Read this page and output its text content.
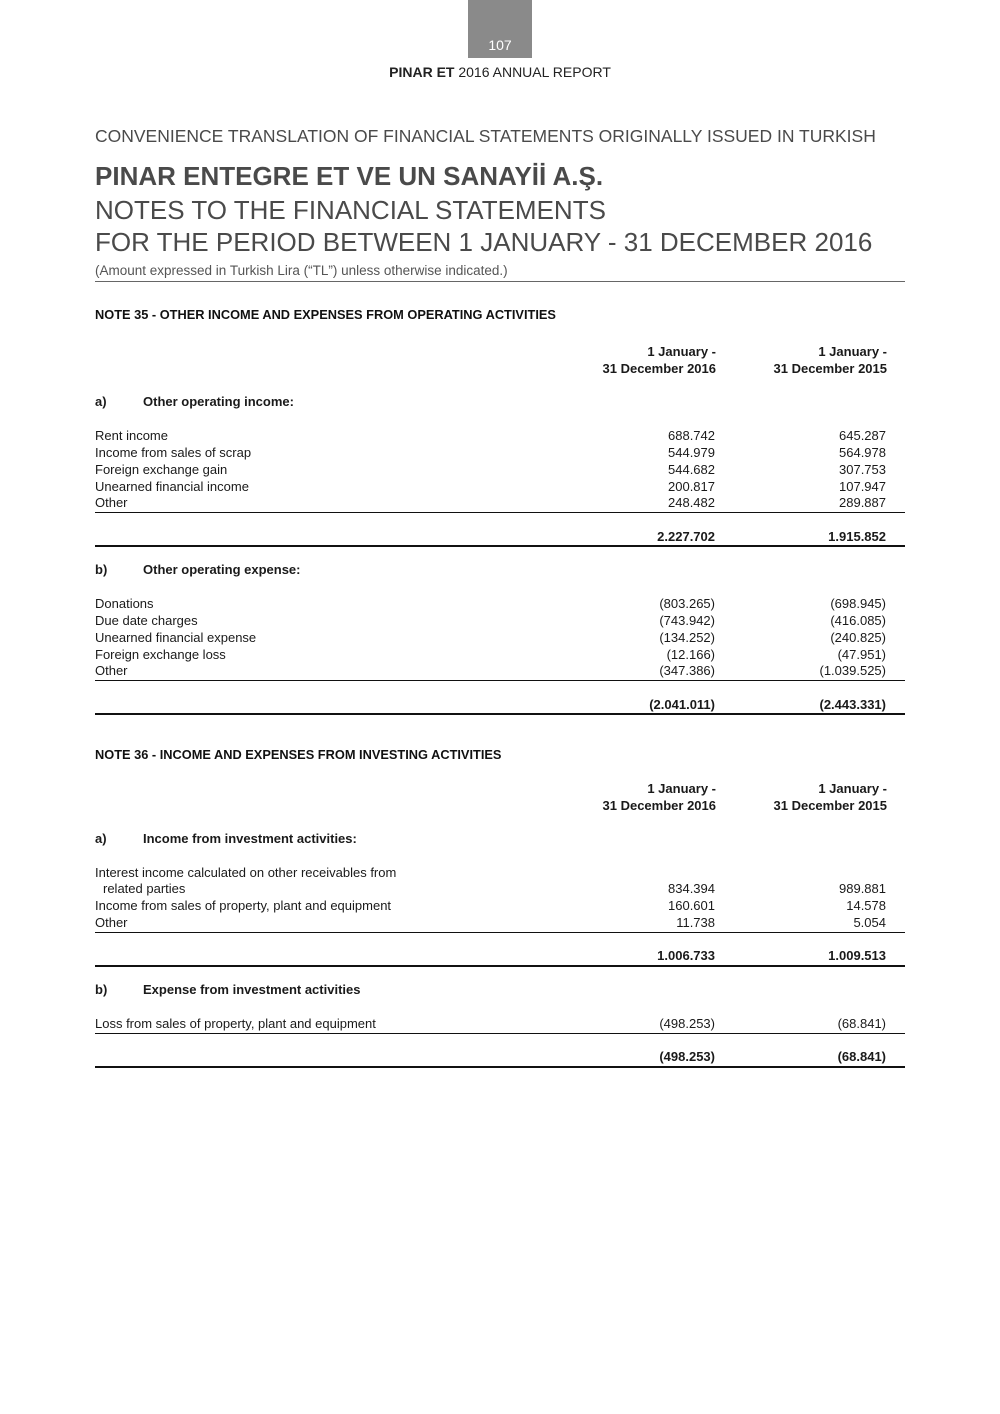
107
PINAR ET 2016 ANNUAL REPORT
CONVENIENCE TRANSLATION OF FINANCIAL STATEMENTS ORIGINALLY ISSUED IN TURKISH
PINAR ENTEGRE ET VE UN SANAYİİ A.Ş.
NOTES TO THE FINANCIAL STATEMENTS
FOR THE PERIOD BETWEEN 1 JANUARY - 31 DECEMBER 2016
(Amount expressed in Turkish Lira (“TL”) unless otherwise indicated.)
NOTE 35 - OTHER INCOME AND EXPENSES FROM OPERATING ACTIVITIES
1 January -
31 December 2016
1 January -
31 December 2015
a)	Other operating income:
Rent income	688.742	645.287
Income from sales of scrap	544.979	564.978
Foreign exchange gain	544.682	307.753
Unearned financial income	200.817	107.947
Other	248.482	289.887
2.227.702	1.915.852
b)	Other operating expense:
Donations	(803.265)	(698.945)
Due date charges	(743.942)	(416.085)
Unearned financial expense	(134.252)	(240.825)
Foreign exchange loss	(12.166)	(47.951)
Other	(347.386)	(1.039.525)
(2.041.011)	(2.443.331)
NOTE 36 - INCOME AND EXPENSES FROM INVESTING ACTIVITIES
1 January -
31 December 2016
1 January -
31 December 2015
a)	Income from investment activities:
Interest income calculated on other receivables from
related parties	834.394	989.881
Income from sales of property, plant and equipment	160.601	14.578
Other	11.738	5.054
1.006.733	1.009.513
b)	Expense from investment activities
Loss from sales of property, plant and equipment	(498.253)	(68.841)
(498.253)	(68.841)
